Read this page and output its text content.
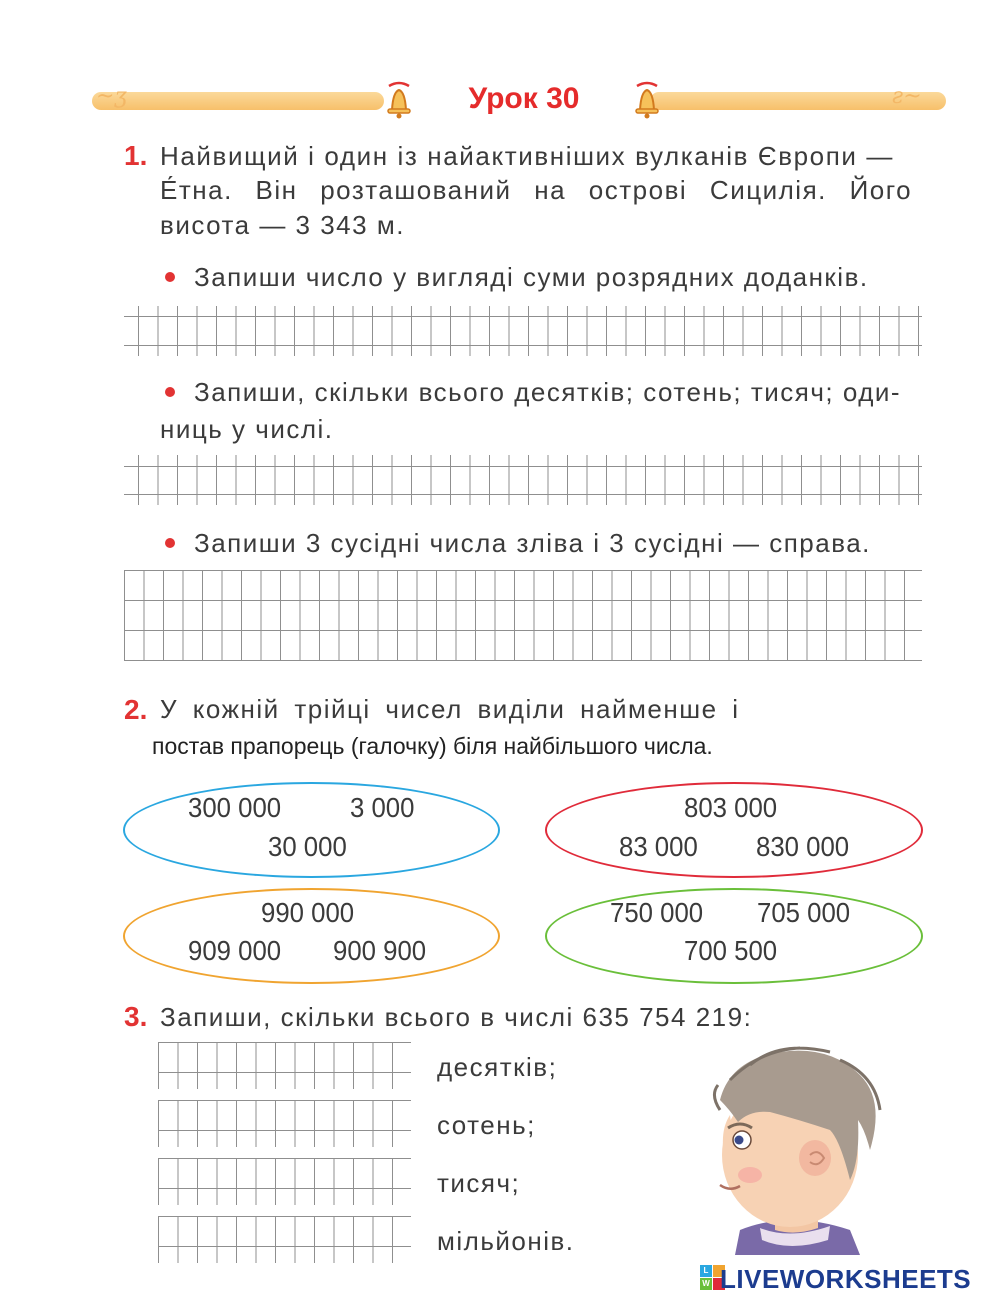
~ʒ	ƨ~
Урок 30
1. Найвищий і один із найактивніших вулканів Європи —
Е́тна. Він розташований на острові Сицилія. Його
висота — 3 343 м.
Запиши число у вигляді суми розрядних доданків.
Запиши, скільки всього десятків; сотень; тисяч; оди-
ниць у числі.
Запиши 3 сусідні числа зліва і 3 сусідні — справа.
2. У кожній трійці чисел виділи найменше і
постав прапорець (галочку) біля найбільшого числа.
300 000 3 000
30 000
803 000
83 000 830 000
990 000
909 000 900 900
750 000 705 000
700 500
3. Запиши, скільки всього в числі 635 754 219:
десятків;
сотень;
тисяч;
мільйонів.
L
W LIVEWORKSHEETS
